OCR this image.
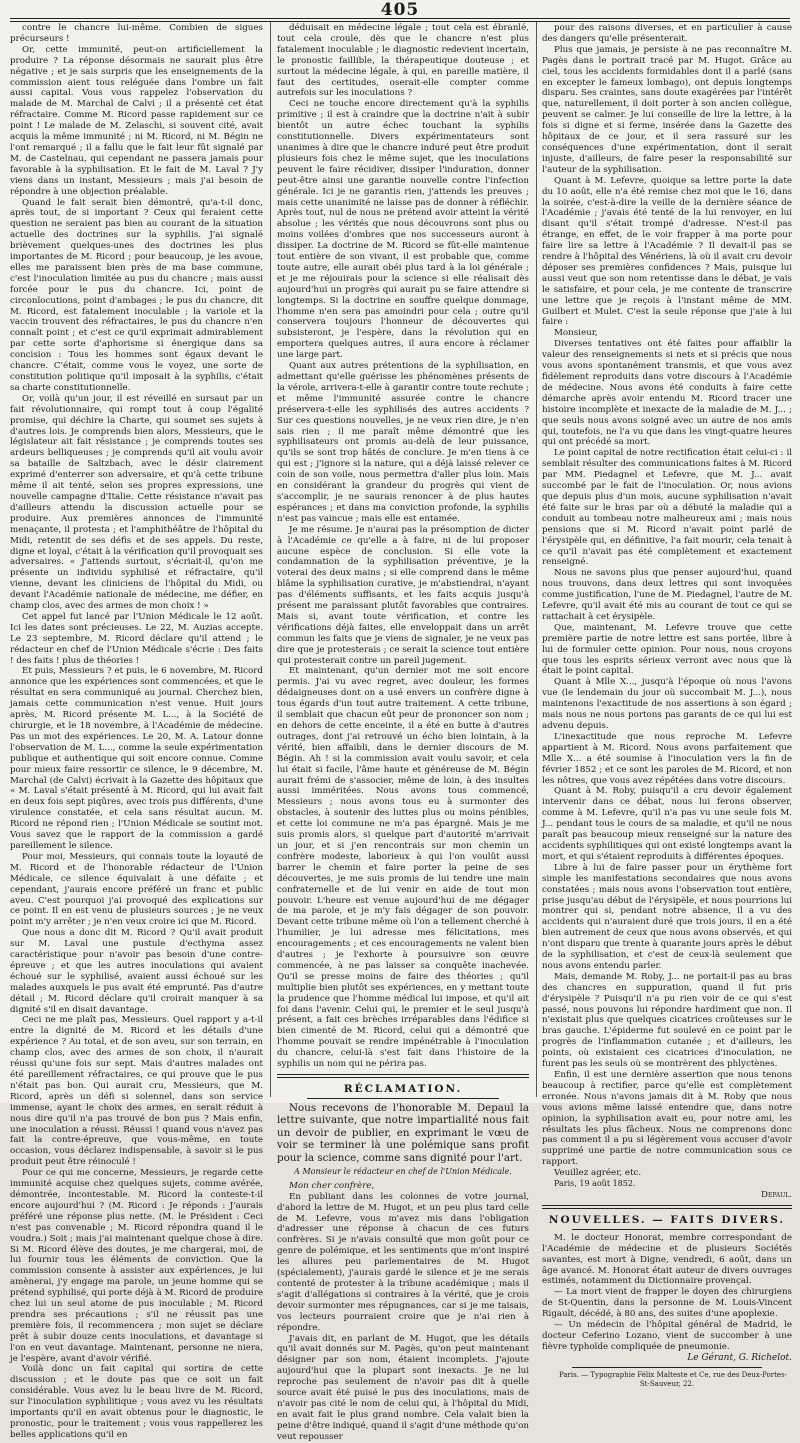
405

contre le chancre lui-même. Combien de sigues précurseurs !

Or, cette immunité, peut-on artificiellement la produire ? La réponse désormais ne saurait plus être négative ; et je sais surpris que les enseignements de la commission aient tous reléguée dans l'ombre un fait aussi capital. Vous vous rappelez l'observation du malade de M. Marchal de Calvi ; il a présenté cet état réfractaire. Comme M. Ricord passe rapidement sur ce point ! Le malade de M. Zelaschi, si souvent cité, avait acquis la même immunité ; ni M. Ricord, ni M. Bégin ne l'ont remarqué ; il a fallu que le fait leur fût signalé par M. de Castelnau, qui cependant ne passera jamais pour favorable à la syphilisation. Et le fait de M. Laval ? J'y viens dans un instant, Messieurs ; mais j'ai besoin de répondre à une objection préalable.

Quand le fait serait bien démontré, qu'a-t-il donc, après tout, de si important ? Ceux qui feraient cette question ne seraient pas bien au courant de la situation actuelle des doctrines sur la syphilis. J'ai signalé brièvement quelques-unes des doctrines les plus importantes de M. Ricord ; pour beaucoup, je les avoue, elles me paraissent bien près de ma base commune, c'est l'inoculation limitée au pus du chancre ; mais aussi forcée pour le pus du chancre. Ici, point de circonlocutions, point d'ambages ; le pus du chancre, dit M. Ricord, est fatalement inoculable ; la variole et la vaccin trouvent des réfractaires, le pus du chancre n'en connaît point ; et c'est ce qu'il exprimait admirablement par cette sorte d'aphorisme si énergique dans sa concision : Tous les hommes sont égaux devant le chancre. C'était, comme vous le voyez, une sorte de constitution politique qu'il imposait à la syphilis, c'était sa charte constitutionnelle.

Or, voilà qu'un jour, il est réveillé en sursaut par un fait révolutionnaire, qui rompt tout à coup l'égalité promise, qui déchire la Charte, qui soumet ses sujets à d'autres lois. Je comprends bien alors, Messieurs, que le législateur ait fait résistance ; je comprends toutes ses ardeurs belliqueuses ; je comprends qu'il ait voulu avoir sa bataille de Saltzbach, avec le désir clairement exprimé d'enterrer son adversaire, et qu'à cette tribune même il ait tenté, selon ses propres expressions, une nouvelle campagne d'Italie. Cette résistance n'avait pas d'ailleurs attendu la discussion actuelle pour se produire. Aux premières annonces de l'immunité menaçante, il protesta ; et l'amphithéâtre de l'hôpital du Midi, retentit de ses défis et de ses appels. Du reste, digne et loyal, c'était à la vérification qu'il provoquait ses adversaires. « J'attends surtout, s'écriait-il, qu'on me présente un individu syphilisé et réfractaire, qu'il vienne, devant les cliniciens de l'hôpital du Midi, ou devant l'Académie nationale de médecine, me défier, en champ clos, avec des armes de mon choix ! »

Cet appel fut lancé par l'Union Médicale le 12 août. Ici les dates sont précieuses. Le 22, M. Auzias accepte. Le 23 septembre, M. Ricord déclare qu'il attend ; le rédacteur en chef de l'Union Médicale s'écrie : Des faits ! des faits ! plus de théories !

Et puis, Messieurs ? et puis, le 6 novembre, M. Ricord annonce que les expériences sont commencées, et que le résultat en sera communiqué au journal. Cherchez bien, jamais cette communication n'est venue. Huit jours après, M. Ricord présente M. L..., à la Société de chirurgie, et le 18 novembre, à l'Académie de médecine. Pas un mot des expériences. Le 20, M. A. Latour donne l'observation de M. L..., comme la seule expérimentation publique et authentique qui soit encore connue. Comme pour mieux faire ressortir ce silence, le 9 décembre, M. Marchal (de Calvi) écrivait à la Gazette des hôpitaux que « M. Laval s'était présenté à M. Ricord, qui lui avait fait en deux fois sept piqûres, avec trois pus différents, d'une virulence constatée, et cela sans résultat aucun. M. Ricord ne répond rien ; l'Union Médicale se soutint mot. Vous savez que le rapport de la commission a gardé pareillement le silence.

Pour moi, Messieurs, qui connais toute la loyauté de M. Ricord et de l'honorable rédacteur de l'Union Médicale, ce silence équivalait à une défaite ; et cependant, j'aurais encore préféré un franc et public aveu. C'est pourquoi j'ai provoqué des explications sur ce point. Il en est venu de plusieurs sources ; je ne veux point m'y arrêter ; je n'en veux croire ici que M. Ricord.

Que nous a donc dit M. Ricord ? Qu'il avait produit sur M. Laval une pustule d'ecthyma assez caractéristique pour n'avoir pas besoin d'une contre-épreuve ; et que les autres inoculations qui avaient échoué sur le syphilisé, avaient aussi échoué sur les malades auxquels le pus avait été emprunté. Pas d'autre détail ; M. Ricord déclare qu'il croirait manquer à sa dignité s'il en disait davantage.

Ceci ne me plaît pas, Messieurs. Quel rapport y a-t-il entre la dignité de M. Ricord et les détails d'une expérience ? Au total, et de son aveu, sur son terrain, en champ clos, avec des armes de son choix, il n'aurait réussi qu'une fois sur sept. Mais d'autres malades ont été pareillement réfractaires, ce qui prouve que le pus n'était pas bon. Qui aurait cru, Messieurs, que M. Ricord, après un défi si solennel, dans son service immense, ayant le choix des armes, en serait réduit à nous dire qu'il n'a pas trouvé de bon pus ? Mais enfin, une inoculation a réussi. Réussi ! quand vous n'avez pas fait la contre-épreuve, que vous-même, en toute occasion, vous déclarez indispensable, à savoir si le pus produit peut être réinoculé !

Pour ce qui me concerne, Messieurs, je regarde cette immunité acquise chez quelques sujets, comme avérée, démontrée, incontestable. M. Ricord la conteste-t-il encore aujourd'hui ? (M. Ricord : Je réponds : J'aurais préféré une réponse plus nette. (M. le Président : Ceci n'est pas convenable ; M. Ricord répondra quand il le voudra.) Soit ; mais j'ai maintenant quelque chose à dire. Si M. Ricord élève des doutes, je me chargerai, moi, de lui fournir tous les éléments de conviction. Que la commission consente à assister aux expériences, je lui amènerai, j'y engage ma parole, un jeune homme qui se prétend syphilisé, qui porte déjà à M. Ricord de produire chez lui un seul atome de pus inoculable ; M. Ricord prendra ses précautions ; s'il ne réussit pas une première fois, il recommencera ; mon sujet se déclare prêt à subir douze cents inoculations, et davantage si l'on en veut davantage. Maintenant, personne ne niera, je l'espère, avant d'avoir vérifié.

Voilà donc un fait capital qui sortira de cette discussion ; et le doute pas que ce soit un fait considérable. Vous avez lu le beau livre de M. Ricord, sur l'inoculation syphilitique ; vous avez vu les résultats importants qu'il en avait obtenus pour le diagnostic, le pronostic, pour le traitement ; vous vous rappellerez les belles applications qu'il en

déduisait en médecine légale ; tout cela est ébranlé, tout cela croule, dès que le chancre n'est plus fatalement inoculable ; le diagnostic redevient incertain, le pronostic faillible, la thérapeutique douteuse ; et surtout la médecine légale, à qui, en pareille matière, il faut des certitudes, oserait-elle compter comme autrefois sur les inoculations ?

Ceci ne touche encore directement qu'à la syphilis primitive ; il est à craindre que la doctrine n'ait à subir bientôt un autre échec touchant la syphilis constitutionnelle. Divers expérimentateurs sont unanimes à dire que le chancre induré peut être produit plusieurs fois chez le même sujet, que les inoculations peuvent le faire récidiver, dissiper l'induration, donner peut-être ainsi une garantie nouvelle contre l'infection générale. Ici je ne garantis rien, j'attends les preuves ; mais cette unanimité ne laisse pas de donner à réfléchir. Après tout, nul de nous ne prétend avoir atteint la vérité absolue ; les vérités que nous découvrons sont plus ou moins voilées d'ombres que nos successeurs auront à dissiper. La doctrine de M. Ricord se fût-elle maintenue tout entière de son vivant, il est probable que, comme toute autre, elle aurait obéi plus tard à la loi générale ; et je me réjouirais pour la science si elle réalisait dès aujourd'hui un progrès qui aurait pu se faire attendre si longtemps. Si la doctrine en souffre quelque dommage, l'homme n'en sera pas amoindri pour cela ; outre qu'il conservera toujours l'honneur de découvertes qui subsisteront, je l'espère, dans la révolution qui en emportera quelques autres, il aura encore à réclamer une large part.

Quant aux autres prétentions de la syphilisation, en admettant qu'elle guérisse les phénomènes présents de la vérole, arrivera-t-elle à garantir contre toute rechute ; et même l'immunité assurée contre le chancre préservera-t-elle les syphilisés des autres accidents ? Sur ces questions nouvelles, je ne veux rien dire, je n'en sais rien ; il me paraît même démontré que les syphilisateurs ont promis au-delà de leur puissance, qu'ils se sont trop hâtés de conclure. Je m'en tiens à ce qui est ; j'ignore si la nature, qui a déjà laissé relever ce coin de son voile, nous permettra d'aller plus loin. Mais en considérant la grandeur du progrès qui vient de s'accomplir, je ne saurais renoncer à de plus hautes espérances ; et dans ma conviction profonde, la syphilis n'est pas vaincue ; mais elle est entamée.

Je me résume. Je n'aurai pas la présomption de dicter à l'Académie ce qu'elle a à faire, ni de lui proposer aucune espèce de conclusion. Si elle vote la condamnation de la syphilisation préventive, je la voterai des deux mains ; si elle comprend dans le même blâme la syphilisation curative, je m'abstiendrai, n'ayant pas d'éléments suffisants, et les faits acquis jusqu'à présent me paraissant plutôt favorables que contraires. Mais si, avant toute vérification, et contre les vérifications déjà faites, elle enveloppait dans un arrêt commun les faits que je viens de signaler, je ne veux pas dire que je protesterais ; ce serait la science tout entière qui protesterait contre un pareil jugement.

Et maintenant, qu'un dernier mot me soit encore permis. J'ai vu avec regret, avec douleur, les formes dédaigneuses dont on a usé envers un confrère digne à tous égards d'un tout autre traitement. A cette tribune, il semblait que chacun eût peur de prononcer son nom ; en dehors de cette enceinte, il a été en butte à d'autres outrages, dont j'ai retrouvé un écho bien lointain, à la vérité, bien affaibli, dans le dernier discours de M. Bégin. Ah ! si la commission avait voulu savoir, et cela lui était si facile, l'âme haute et généreuse de M. Bégin aurait frémi de s'associer, même de loin, à des insultes aussi imméritées. Nous avons tous commencé, Messieurs ; nous avons tous eu à surmonter des obstacles, à soutenir des luttes plus ou moins pénibles, et cette loi commune ne m'a pas épargné. Mais je me suis promis alors, si quelque part d'autorité m'arrivait un jour, et si j'en rencontrais sur mon chemin un confrère modeste, laborieux à qui l'on voulût aussi barrer le chemin et faire porter la peine de ses découvertes, je me suis promis de lui tendre une main confraternelle et de lui venir en aide de tout mon pouvoir. L'heure est venue aujourd'hui de me dégager de ma parole, et je m'y fais dégager de son pouvoir. Devant cette tribune même où l'on a tellement cherché à l'humilier, je lui adresse mes félicitations, mes encouragements ; et ces encouragements ne valent bien d'autres ; je l'exhorte à poursuivre son œuvre commencée, à ne pas laisser sa conquête inachevée. Qu'il se presse moins de faire des théories ; qu'il multiplie bien plutôt ses expériences, en y mettant toute la prudence que l'homme médical lui impose, et qu'il ait foi dans l'avenir. Celui qui, le premier et le seul jusqu'à présent, a fait ces brèches irréparables dans l'édifice si bien cimenté de M. Ricord, celui qui a démontré que l'homme pouvait se rendre impénétrable à l'inoculation du chancre, celui-là s'est fait dans l'histoire de la syphilis un nom qui ne périra pas.

RÉCLAMATION.

Nous recevons de l'honorable M. Depaul la lettre suivante, que notre impartialité nous fait un devoir de publier, en exprimant le vœu de voir se terminer là une polémique sans profit pour la science, comme sans dignité pour l'art.

A Monsieur le rédacteur en chef de l'Union Médicale.

Mon cher confrère,

En publiant dans les colonnes de votre journal, d'abord la lettre de M. Hugot, et un peu plus tard celle de M. Lefevre, vous m'avez mis dans l'obligation d'adresser une réponse à chacun de ces futurs confrères. Si je n'avais consulté que mon goût pour ce genre de polémique, et les sentiments que m'ont inspiré les allures peu parlementaires de M. Hugot (spécialement), j'aurais gardé le silence et je me serais contenté de protester à la tribune académique ; mais il s'agit d'allégations si contraires à la vérité, que je crois devoir surmonter mes répugnances, car si je me taisais, vos lecteurs pourraient croire que je n'ai rien à répondre.

J'avais dit, en parlant de M. Hugot, que les détails qu'il avait donnés sur M. Pagès, qu'on peut maintenant désigner par son nom, étaient incomplets. J'ajoute aujourd'hui que la plupart sont inexacts. Je ne lui reproche pas seulement de n'avoir pas dit à quelle source avait été puisé le pus des inoculations, mais de n'avoir pas cité le nom de celui qui, à l'hôpital du Midi, en avait fait le plus grand nombre. Cela valait bien la peine d'être indiqué, quand il s'agit d'une méthode qu'on veut repousser

pour des raisons diverses, et en particulier à cause des dangers qu'elle présenterait.

Plus que jamais, je persiste à ne pas reconnaître M. Pagès dans le portrait tracé par M. Hugot. Grâce au ciel, tous les accidents formidables dont il a parlé (sans en excepter le fameux lombago), ont depuis longtemps disparu. Ses craintes, sans doute exagérées par l'intérêt que, naturellement, il doit porter à son ancien collègue, peuvent se calmer. Je lui conseille de lire la lettre, à la fois si digne et si ferme, insérée dans la Gazette des hôpitaux de ce jour, et il sera rassuré sur les conséquences d'une expérimentation, dont il serait injuste, d'ailleurs, de faire peser la responsabilité sur l'auteur de la syphilisation.

Quant à M. Lefevre, quoique sa lettre porte la date du 10 août, elle n'a été remise chez moi que le 16, dans la soirée, c'est-à-dire la veille de la dernière séance de l'Académie ; j'avais été tenté de la lui renvoyer, en lui disant qu'il s'était trompé d'adresse. N'est-il pas étrange, en effet, de le voir frapper à ma porte pour faire lire sa lettre à l'Académie ? Il devait-il pas se rendre à l'hôpital des Vénériens, là où il avait cru devoir déposer ses premières confidences ? Mais, puisque lui aussi veut que son nom retentisse dans le débat, je vais le satisfaire, et pour cela, je me contente de transcrire une lettre que je reçois à l'instant même de MM. Guilbert et Mulet. C'est la seule réponse que j'aie à lui faire :

Monsieur,

Diverses tentatives ont été faites pour affaiblir la valeur des renseignements si nets et si précis que nous vous avons spontanément transmis, et que vous avez fidèlement reproduits dans votre discours à l'Académie de médecine. Nous avons été conduits à faire cette démarche après avoir entendu M. Ricord tracer une histoire incomplète et inexacte de la maladie de M. J... ; que seuls nous avons soigné avec un autre de nos amis qui, toutefois, ne l'a vu que dans les vingt-quatre heures qui ont précédé sa mort.

Le point capital de notre rectification était celui-ci : il semblait résulter des communications faites à M. Ricord par MM. Piedagnel et Lefevre, que M. J... avait succombé par le fait de l'inoculation. Or, nous avions que depuis plus d'un mois, aucune syphilisation n'avait été faite sur le bras par où a débuté la maladie qui a conduit au tombeau notre malheureux ami ; mais nous pensions que si M. Ricord n'avait point parlé de l'érysipèle qui, en définitive, l'a fait mourir, cela tenait à ce qu'il n'avait pas été complètement et exactement renseigné.

Nous ne savons plus que penser aujourd'hui, quand nous trouvons, dans deux lettres qui sont invoquées comme justification, l'une de M. Piedagnel, l'autre de M. Lefevre, qu'il avait été mis au courant de tout ce qui se rattachait à cet érysipèle.

Que, maintenant, M. Lefevre trouve que cette première partie de notre lettre est sans portée, libre à lui de formuler cette opinion. Pour nous, nous croyons que tous les esprits sérieux verront avec nous que là était le point capital.

Quant à Mlle X..., jusqu'à l'époque où nous l'avons vue (le lendemain du jour où succombait M. J...), nous maintenons l'exactitude de nos assertions à son égard ; mais nous ne nous portons pas garants de ce qui lui est advenu depuis.

L'inexactitude que nous reproche M. Lefevre appartient à M. Ricord. Nous avons parfaitement que Mlle X... a été soumise à l'inoculation vers la fin de février 1852 ; et ce sont les paroles de M. Ricord, et non les nôtres, que vous avez répétées dans votre discours.

Quant à M. Roby, puisqu'il a cru devoir également intervenir dans ce débat, nous lui ferons observer, comme à M. Lefevre, qu'il n'a pas vu une seule fois M. J... pendant tous le cours de sa maladie, et qu'il ne nous paraît pas beaucoup mieux renseigné sur la nature des accidents syphilitiques qui ont existé longtemps avant la mort, et qui s'étaient reproduits à différentes époques.

Libre à lui de faire passer pour un érythème fort simple les manifestations secondaires que nous avons constatées ; mais nous avons l'observation tout entière, prise jusqu'au début de l'érysipèle, et nous pourrions lui montrer qui si, pendant notre absence, il a vu des accidents qui n'auraient duré que trois jours, il en a été bien autrement de ceux que nous avons observés, et qui n'ont disparu que trente à quarante jours après le début de la syphilisation, et c'est de ceux-là seulement que nous avons entendu parler.

Mais, demande M. Roby, J... ne portait-il pas au bras des chancres en suppuration, quand il fut pris d'érysipèle ? Puisqu'il n'a pu rien voir de ce qui s'est passé, nous pouvons lui répondre hardiment que non. Il n'existait plus que quelques cicatrices croûteuses sur le bras gauche. L'épiderme fut soulevé en ce point par le progrès de l'inflammation cutanée ; et d'ailleurs, les points, où existaient ces cicatrices d'inoculation, ne furent pas les seuls où se montrèrent des phlyctènes.

Enfin, il est une dernière assertion que nous tenons beaucoup à rectifier, parce qu'elle est complètement erronée. Nous n'avons jamais dit à M. Roby que nous vous avions même laissé entendre que, dans notre opinion, la syphilisation avait eu, pour notre ami, les résultats les plus fâcheux. Nous ne comprenons donc pas comment il a pu si légèrement vous accuser d'avoir supprimé une partie de notre communication sous ce rapport.

Veuillez agréer, etc.

Paris, 19 août 1852.

Depaul.

NOUVELLES. — FAITS DIVERS.

M. le docteur Honorat, membre correspondant de l'Académie de médecine et de plusieurs Sociétés savantes, est mort à Digne, vendredi, 6 août, dans un âge avancé. M. Honorat était auteur de divers ouvrages estimés, notamment du Dictionnaire provençal.

— La mort vient de frapper le doyen des chirurgiens de St-Quentin, dans la personne de M. Louis-Vincent Rigault, décédé, à 80 ans, des suites d'une apoplexie.

— Un médecin de l'hôpital général de Madrid, le docteur Ceferino Lozano, vient de succomber à une fièvre typhoïde compliquée de pneumonie.

Le Gérant, G. Richelot.

Paris. — Typographie Félix Malteste et Ce, rue des Deux-Portes-St-Sauveur, 22.
